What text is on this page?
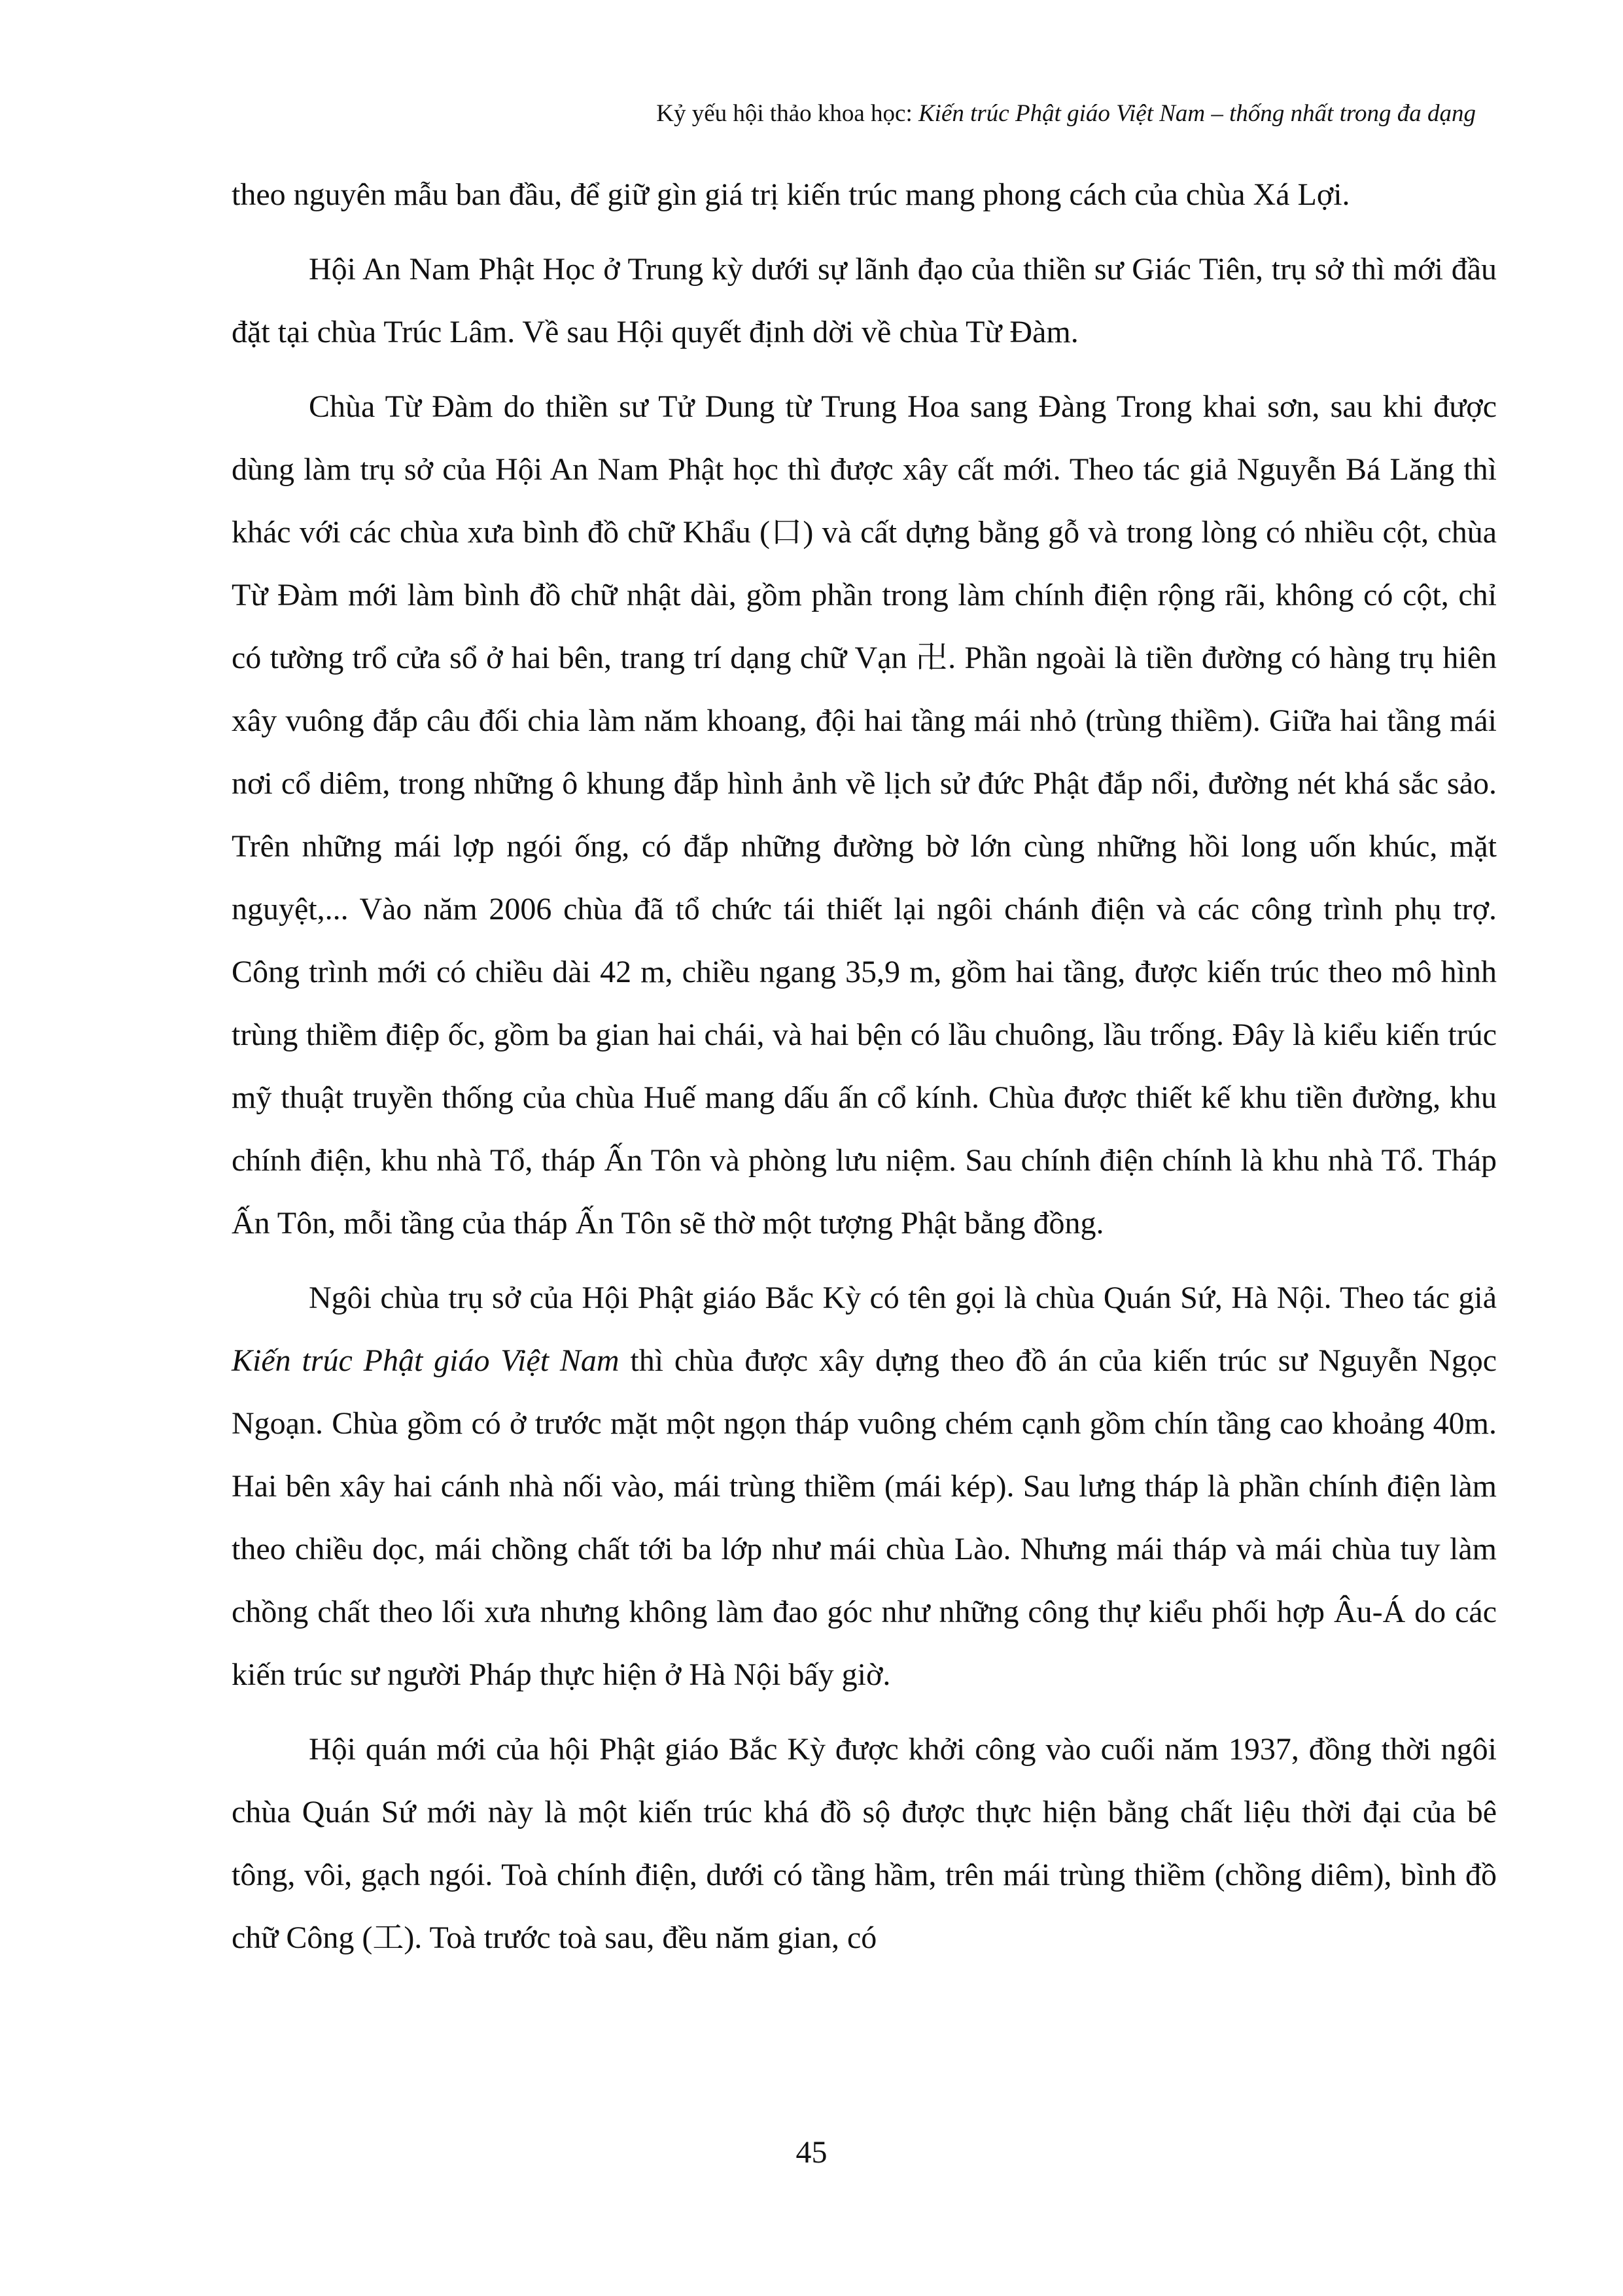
Kỷ yếu hội thảo khoa học: Kiến trúc Phật giáo Việt Nam – thống nhất trong đa dạng

theo nguyên mẫu ban đầu, để giữ gìn giá trị kiến trúc mang phong cách của chùa Xá Lợi.

Hội An Nam Phật Học ở Trung kỳ dưới sự lãnh đạo của thiền sư Giác Tiên, trụ sở thì mới đầu đặt tại chùa Trúc Lâm. Về sau Hội quyết định dời về chùa Từ Đàm.

Chùa Từ Đàm do thiền sư Tử Dung từ Trung Hoa sang Đàng Trong khai sơn, sau khi được dùng làm trụ sở của Hội An Nam Phật học thì được xây cất mới. Theo tác giả Nguyễn Bá Lăng thì khác với các chùa xưa bình đồ chữ Khẩu (口) và cất dựng bằng gỗ và trong lòng có nhiều cột, chùa Từ Đàm mới làm bình đồ chữ nhật dài, gồm phần trong làm chính điện rộng rãi, không có cột, chỉ có tường trổ cửa sổ ở hai bên, trang trí dạng chữ Vạn 卍. Phần ngoài là tiền đường có hàng trụ hiên xây vuông đắp câu đối chia làm năm khoang, đội hai tầng mái nhỏ (trùng thiềm). Giữa hai tầng mái nơi cổ diêm, trong những ô khung đắp hình ảnh về lịch sử đức Phật đắp nổi, đường nét khá sắc sảo. Trên những mái lợp ngói ống, có đắp những đường bờ lớn cùng những hồi long uốn khúc, mặt nguyệt,... Vào năm 2006 chùa đã tổ chức tái thiết lại ngôi chánh điện và các công trình phụ trợ. Công trình mới có chiều dài 42 m, chiều ngang 35,9 m, gồm hai tầng, được kiến trúc theo mô hình trùng thiềm điệp ốc, gồm ba gian hai chái, và hai bện có lầu chuông, lầu trống. Đây là kiểu kiến trúc mỹ thuật truyền thống của chùa Huế mang dấu ấn cổ kính. Chùa được thiết kế khu tiền đường, khu chính điện, khu nhà Tổ, tháp Ấn Tôn và phòng lưu niệm. Sau chính điện chính là khu nhà Tổ. Tháp Ấn Tôn, mỗi tầng của tháp Ấn Tôn sẽ thờ một tượng Phật bằng đồng.

Ngôi chùa trụ sở của Hội Phật giáo Bắc Kỳ có tên gọi là chùa Quán Sứ, Hà Nội. Theo tác giả Kiến trúc Phật giáo Việt Nam thì chùa được xây dựng theo đồ án của kiến trúc sư Nguyễn Ngọc Ngoạn. Chùa gồm có ở trước mặt một ngọn tháp vuông chém cạnh gồm chín tầng cao khoảng 40m. Hai bên xây hai cánh nhà nối vào, mái trùng thiềm (mái kép). Sau lưng tháp là phần chính điện làm theo chiều dọc, mái chồng chất tới ba lớp như mái chùa Lào. Nhưng mái tháp và mái chùa tuy làm chồng chất theo lối xưa nhưng không làm đao góc như những công thự kiểu phối hợp Âu-Á do các kiến trúc sư người Pháp thực hiện ở Hà Nội bấy giờ.

Hội quán mới của hội Phật giáo Bắc Kỳ được khởi công vào cuối năm 1937, đồng thời ngôi chùa Quán Sứ mới này là một kiến trúc khá đồ sộ được thực hiện bằng chất liệu thời đại của bê tông, vôi, gạch ngói. Toà chính điện, dưới có tầng hầm, trên mái trùng thiềm (chồng diêm), bình đồ chữ Công (工). Toà trước toà sau, đều năm gian, có

45
